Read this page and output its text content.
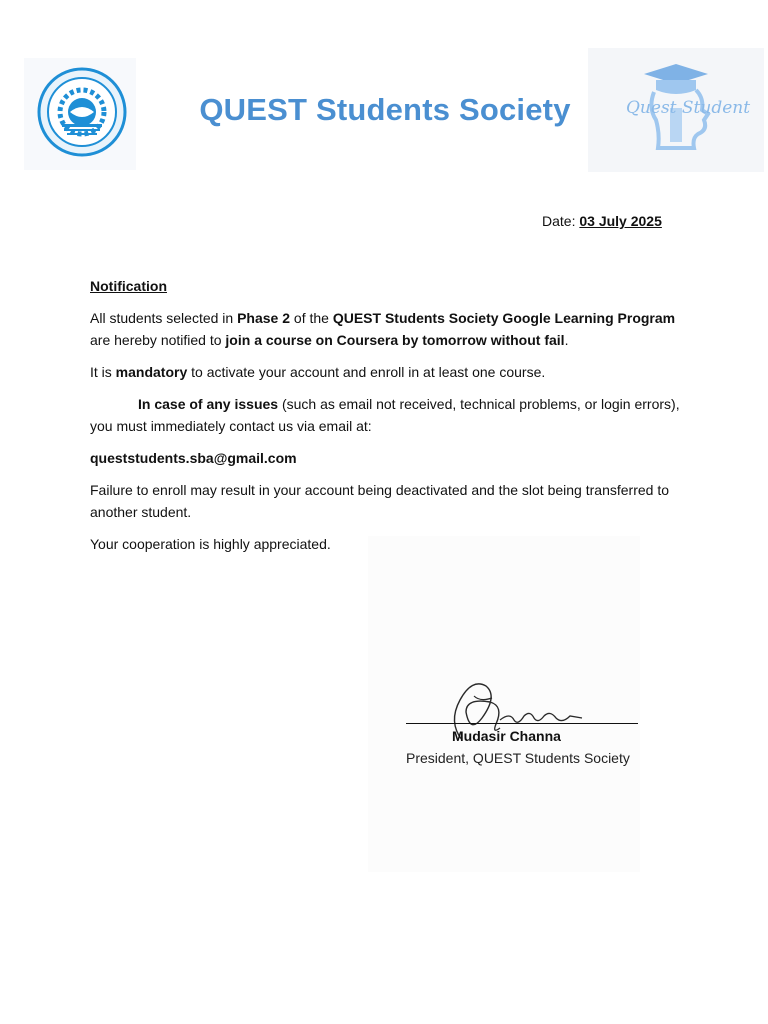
QUEST Students Society	Quest Student
Date: 03 July 2025
Notification

All students selected in Phase 2 of the QUEST Students Society Google Learning Program are hereby notified to join a course on Coursera by tomorrow without fail.

It is mandatory to activate your account and enroll in at least one course.

In case of any issues (such as email not received, technical problems, or login errors), you must immediately contact us via email at:

queststudents.sba@gmail.com

Failure to enroll may result in your account being deactivated and the slot being transferred to another student.

Your cooperation is highly appreciated.

Mudasir Channa
President, QUEST Students Society
